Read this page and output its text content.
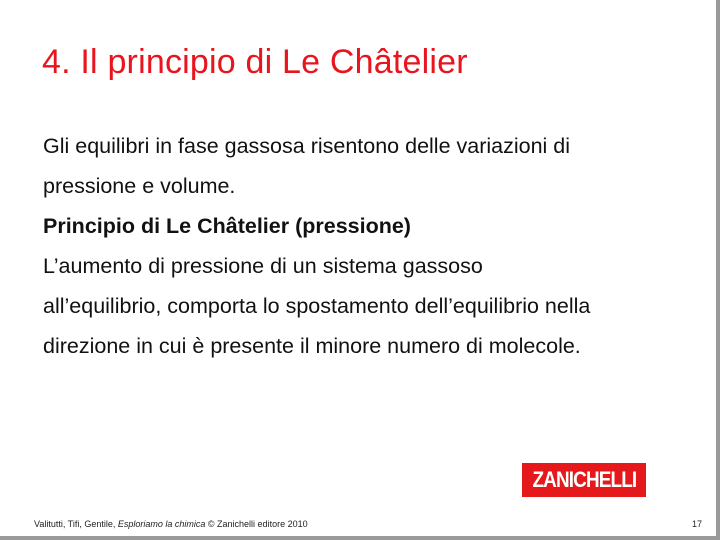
4. Il principio di Le Châtelier

Gli equilibri in fase gassosa risentono delle variazioni di

pressione e volume.

Principio di Le Châtelier (pressione)

L’aumento di pressione di un sistema gassoso

all’equilibrio, comporta lo spostamento dell’equilibrio nella

direzione in cui è presente il minore numero di molecole.

ZANICHELLI
Valitutti, Tifi, Gentile, Esploriamo la chimica © Zanichelli editore 2010	17
